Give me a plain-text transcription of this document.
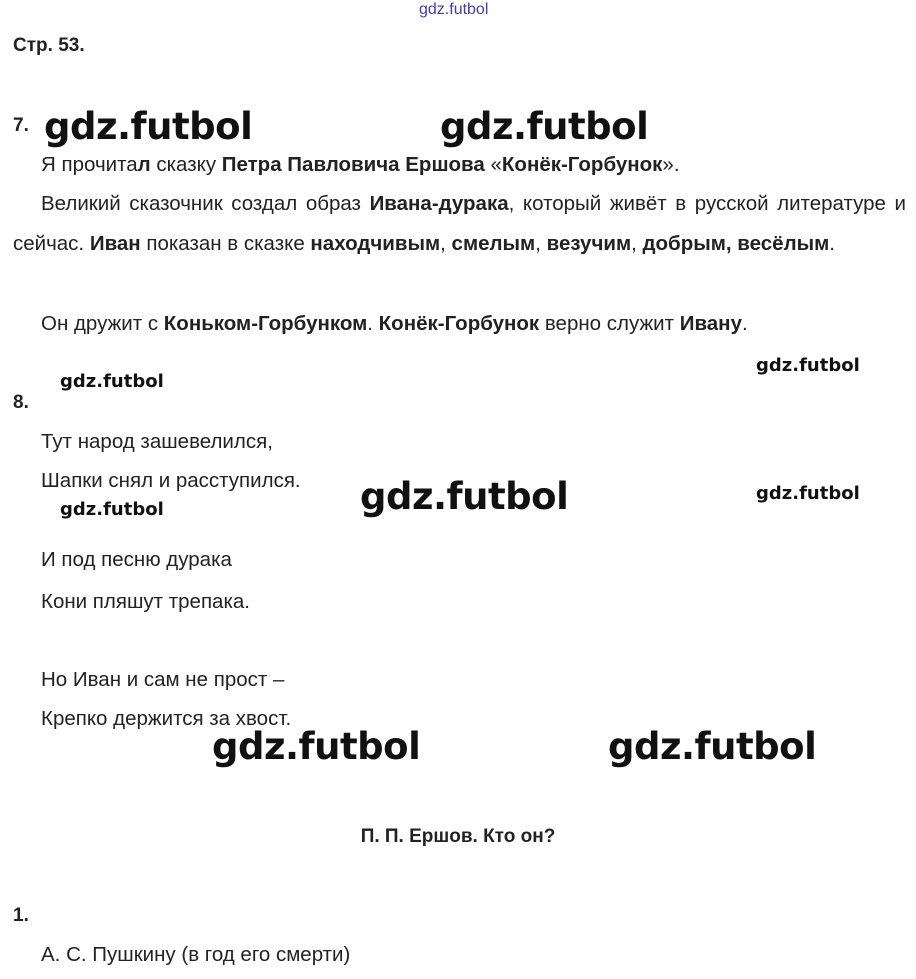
gdz.futbol
gdz.futbol	gdz.futbol
gdz.futbol
gdz.futbol
gdz.futbol	gdz.futbol
gdz.futbol
gdz.futbol	gdz.futbol
Стр. 53.
7.
Я прочитал сказку Петра Павловича Ершова «Конёк-Горбунок».
Великий сказочник создал образ Ивана-дурака, который живёт в русской литературе и сейчас. Иван показан в сказке находчивым, смелым, везучим, добрым, весёлым.
Он дружит с Коньком-Горбунком. Конёк-Горбунок верно служит Ивану.
8.
Тут народ зашевелился,
Шапки снял и расступился.
И под песню дурака
Кони пляшут трепака.
Но Иван и сам не прост –
Крепко держится за хвост.
П. П. Ершов. Кто он?
1.
А. С. Пушкину (в год его смерти)
